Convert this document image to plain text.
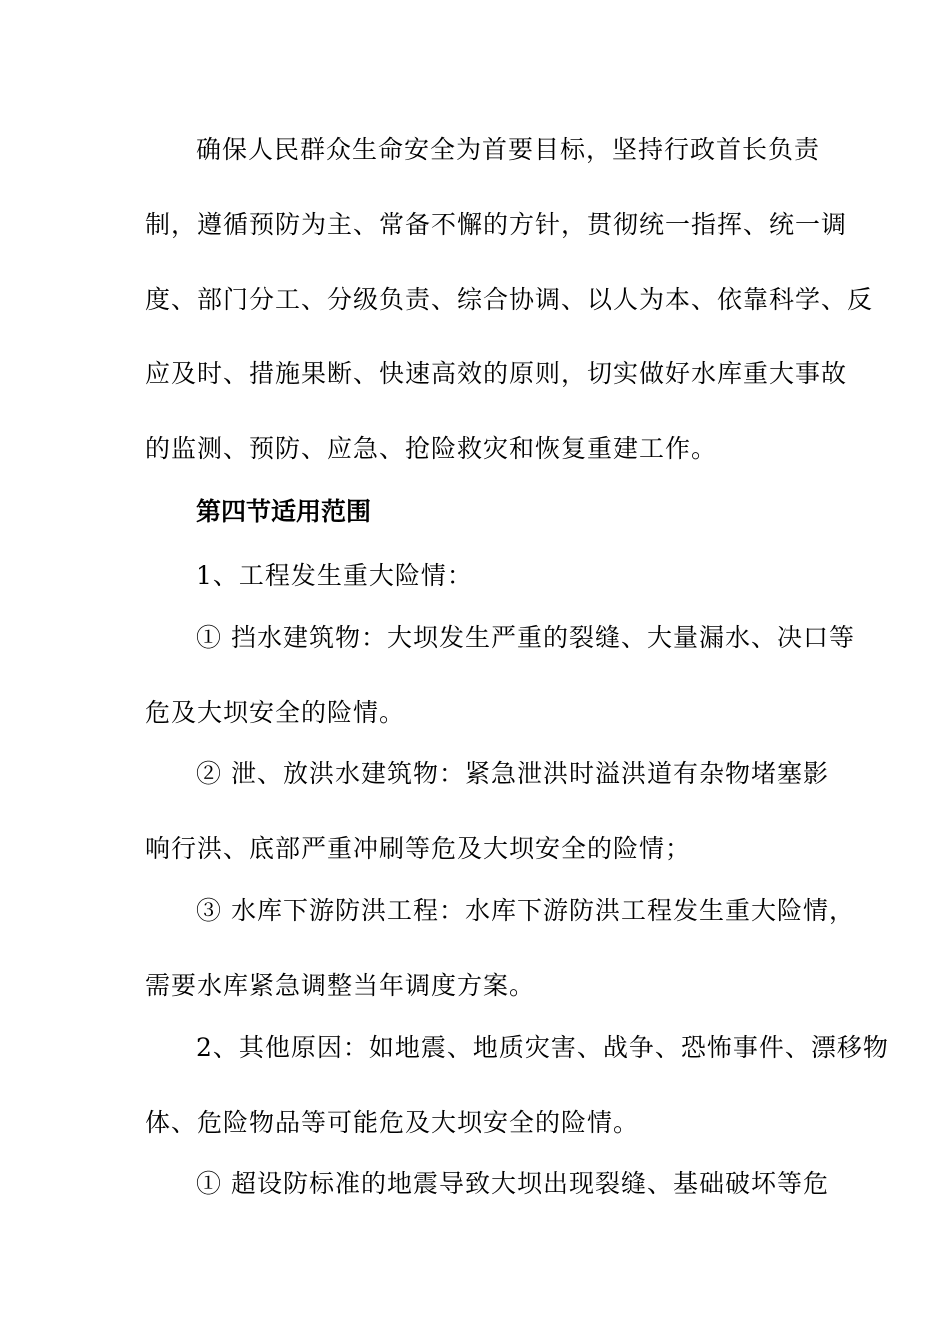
确保人民群众生命安全为首要目标，坚持行政首长负责
制，遵循预防为主、常备不懈的方针，贯彻统一指挥、统一调
度、部门分工、分级负责、综合协调、以人为本、依靠科学、反
应及时、措施果断、快速高效的原则，切实做好水库重大事故
的监测、预防、应急、抢险救灾和恢复重建工作。
第四节适用范围
1、工程发生重大险情：
① 挡水建筑物：大坝发生严重的裂缝、大量漏水、决口等
危及大坝安全的险情。
② 泄、放洪水建筑物：紧急泄洪时溢洪道有杂物堵塞影
响行洪、底部严重冲刷等危及大坝安全的险情；
③ 水库下游防洪工程：水库下游防洪工程发生重大险情，
需要水库紧急调整当年调度方案。
2、其他原因：如地震、地质灾害、战争、恐怖事件、漂移物
体、危险物品等可能危及大坝安全的险情。
① 超设防标准的地震导致大坝出现裂缝、基础破坏等危
